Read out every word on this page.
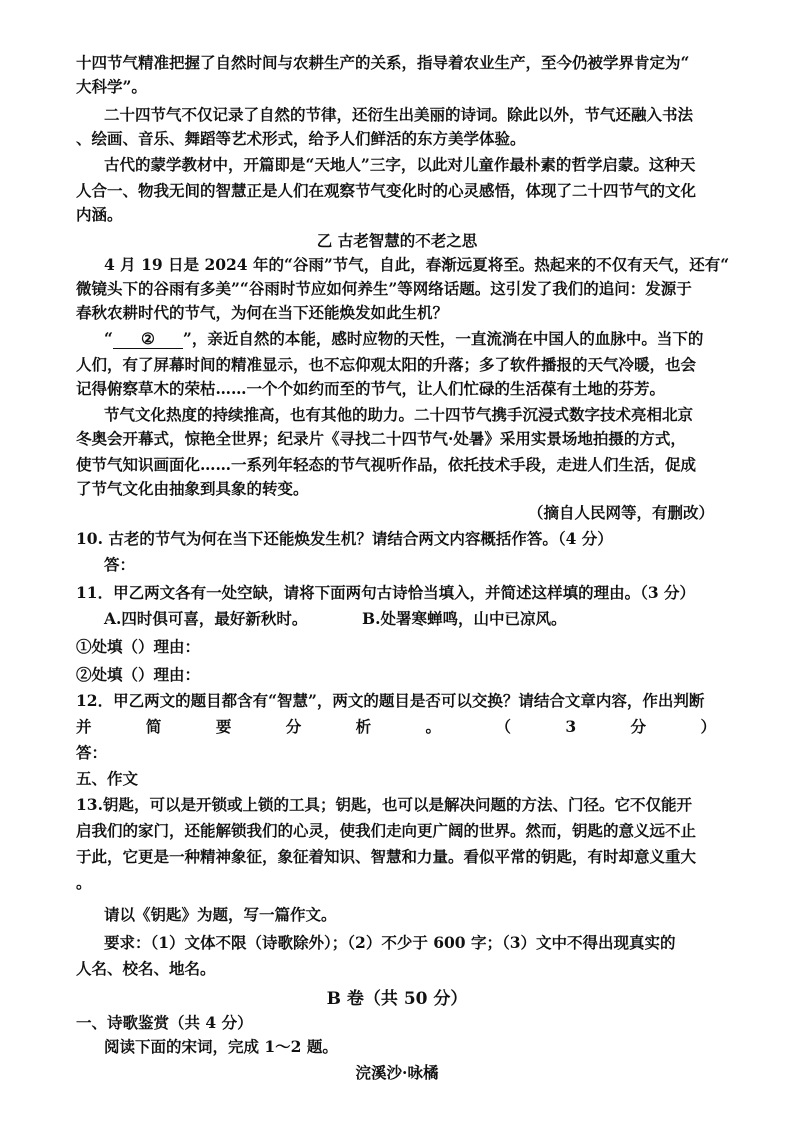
十四节气精准把握了自然时间与农耕生产的关系，指导着农业生产，至今仍被学界肯定为“
大科学”。
二十四节气不仅记录了自然的节律，还衍生出美丽的诗词。除此以外，节气还融入书法
、绘画、音乐、舞蹈等艺术形式，给予人们鲜活的东方美学体验。
古代的蒙学教材中，开篇即是“天地人”三字，以此对儿童作最朴素的哲学启蒙。这种天
人合一、物我无间的智慧正是人们在观察节气变化时的心灵感悟，体现了二十四节气的文化
内涵。
乙 古老智慧的不老之思
4 月 19 日是 2024 年的“谷雨”节气，自此，春渐远夏将至。热起来的不仅有天气，还有“
微镜头下的谷雨有多美”“谷雨时节应如何养生”等网络话题。这引发了我们的追问：发源于
春秋农耕时代的节气，为何在当下还能焕发如此生机？
“ ② ”，亲近自然的本能，感时应物的天性，一直流淌在中国人的血脉中。当下的
人们，有了屏幕时间的精准显示，也不忘仰观太阳的升落；多了软件播报的天气冷暖，也会
记得俯察草木的荣枯……一个个如约而至的节气，让人们忙碌的生活葆有土地的芬芳。
节气文化热度的持续推高，也有其他的助力。二十四节气携手沉浸式数字技术亮相北京
冬奥会开幕式，惊艳全世界；纪录片《寻找二十四节气·处暑》采用实景场地拍摄的方式，
使节气知识画面化……一系列年轻态的节气视听作品，依托技术手段，走进人们生活，促成
了节气文化由抽象到具象的转变。
（摘自人民网等，有删改）
10. 古老的节气为何在当下还能焕发生机？请结合两文内容概括作答。（4 分）
答：
11．甲乙两文各有一处空缺，请将下面两句古诗恰当填入，并简述这样填的理由。（3 分）
A.四时俱可喜，最好新秋时。	B.处署寒蝉鸣，山中已凉风。
①处填（）理由：
②处填（）理由：
12．甲乙两文的题目都含有“智慧”，两文的题目是否可以交换？请结合文章内容，作出判断
并	简	要	分	析	。	（	3	分	）
答：
五、作文
13.钥匙，可以是开锁或上锁的工具；钥匙，也可以是解决问题的方法、门径。它不仅能开
启我们的家门，还能解锁我们的心灵，使我们走向更广阔的世界。然而，钥匙的意义远不止
于此，它更是一种精神象征，象征着知识、智慧和力量。看似平常的钥匙，有时却意义重大
。
请以《钥匙》为题，写一篇作文。
要求：（1）文体不限（诗歌除外）；（2）不少于 600 字；（3）文中不得出现真实的
人名、校名、地名。
B 卷（共 50 分）
一、诗歌鉴赏（共 4 分）
阅读下面的宋词，完成 1～2 题。
浣溪沙·咏橘
